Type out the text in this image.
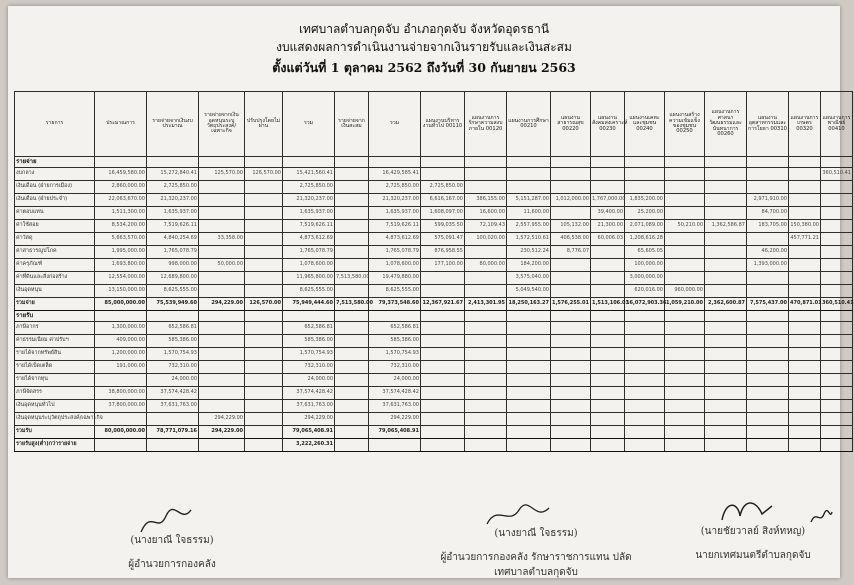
เทศบาลตำบลกุดจับ อำเภอกุดจับ จังหวัดอุดรธานี
งบแสดงผลการดำเนินงานจ่ายจากเงินรายรับและเงินสะสม
ตั้งแต่วันที่ 1 ตุลาคม 2562 ถึงวันที่ 30 กันยายน 2563
รายการ	ประมาณการ	รายจ่ายจากเงินงบประมาณ	รายจ่ายจากเงินอุดหนุนระบุวัตถุประสงค์/เฉพาะกิจ	ปรับปรุงโดยไม่ผ่าน	รวม	รายจ่ายจากเงินสะสม	รวม	แผนงานบริหารงานทั่วไป 00110	แผนงานการรักษาความสงบภายใน 00120	แผนงานการศึกษา 00210	แผนงานสาธารณสุข 00220	แผนงานสังคมสงเคราะห์ 00230	แผนงานเคหะและชุมชน 00240	แผนงานสร้างความเข้มแข็งของชุมชน 00250	แผนงานการศาสนาวัฒนธรรมและนันทนาการ 00260	แผนงานอุตสาหกรรมและการโยธา 00310	แผนงานการเกษตร 00320	แผนงานการพาณิชย์ 00410
รายจ่าย																		
งบกลาง	16,459,580.00	15,272,840.41	125,570.00	126,570.00	15,421,560.41		16,429,585.41											360,510.41
เงินเดือน (ฝ่ายการเมือง)	2,860,000.00	2,725,850.00			2,725,850.00		2,725,850.00	2,725,850.00										
เงินเดือน (ฝ่ายประจำ)	22,063,670.00	21,320,237.00			21,320,237.00		21,320,237.00	6,616,167.00	386,155.00	5,151,287.00	1,012,000.00	1,767,000.00	1,835,200.00			2,971,910.00		
ค่าตอบแทน	1,511,300.00	1,635,937.00			1,635,937.00		1,635,937.00	1,608,097.00	16,600.00	11,600.00		39,400.00	25,200.00			84,700.00		
ค่าใช้สอย	8,534,200.00	7,519,626.11			7,519,626.11		7,519,626.11	599,035.50	72,109.43	2,557,955.00	105,132.00	21,300.00	2,071,089.00	50,210.00	1,362,586.87	183,705.00	150,380.00	
ค่าวัสดุ	5,663,570.00	4,840,254.69	33,358.00		4,873,612.69		4,873,612.69	575,091.47	100,020.00	1,572,510.61	406,538.00	60,006.03	1,208,616.28				457,771.21	
ค่าสาธารณูปโภค	1,995,000.00	1,765,078.79			1,765,078.79		1,765,078.79	876,958.55		230,512.24	8,776.07		65,605.05			46,200.00		
ค่าครุภัณฑ์	1,693,800.00	998,000.00	50,000.00		1,078,600.00		1,078,600.00	177,100.00	80,000.00	184,200.00			100,000.00			1,393,000.00		
ค่าที่ดินและสิ่งก่อสร้าง	12,554,000.00	12,689,800.00			11,965,800.00	7,513,580.00	19,479,880.00			3,575,040.00			3,000,000.00					
เงินอุดหนุน	13,150,000.00	8,625,555.00			8,625,555.00		8,625,555.00			5,049,540.00			620,016.00	960,000.00				
รวมจ่าย	85,000,000.00	75,539,949.60	294,229.00	126,570.00	75,949,444.60	7,513,580.00	79,373,548.60	12,367,921.67	2,413,301.95	18,250,163.27	1,576,255.01	1,513,106.03	16,072,903.36	1,059,210.00	2,362,600.87	7,575,437.00	470,871.01	360,510.41
รายรับ																		
ภาษีอากร	1,300,000.00	652,586.81			652,586.81		652,586.81											
ค่าธรรมเนียม ค่าปรับฯ	409,000.00	585,386.00			585,386.00		585,386.00											
รายได้จากทรัพย์สิน	1,200,000.00	1,570,754.93			1,570,754.93		1,570,754.93											
รายได้เบ็ดเตล็ด	191,000.00	732,310.00			732,310.00		732,310.00											
รายได้จากทุน		24,000.00			24,000.00		24,000.00											
ภาษีจัดสรร	38,800,000.00	37,574,428.42			37,574,428.42		37,574,428.42											
เงินอุดหนุนทั่วไป	37,800,000.00	37,631,763.00			37,631,763.00		37,631,763.00											
เงินอุดหนุนระบุวัตถุประสงค์/เฉพาะกิจ			294,229.00		294,229.00		294,229.00											
รวมรับ	80,000,000.00	78,771,079.16	294,229.00		79,065,408.91		79,065,408.91											
รายรับสูง(ต่ำ)กว่ารายจ่าย					3,222,260.31													
(นางยาณี ใจธรรม)
ผู้อำนวยการกองคลัง
(นางยาณี ใจธรรม)
ผู้อำนวยการกองคลัง รักษาราชการแทน ปลัดเทศบาลตำบลกุดจับ
(นายชัยวาลย์ สิงห์ทหญ)
นายกเทศมนตรีตำบลกุดจับ
